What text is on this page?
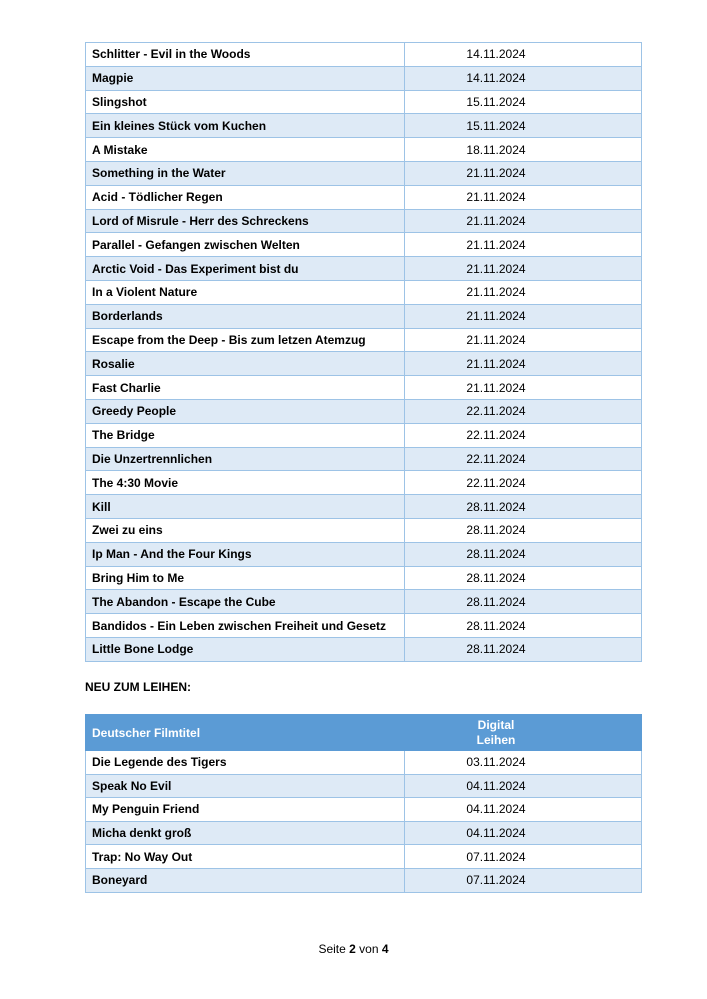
Schlitter - Evil in the Woods	14.11.2024
Magpie	14.11.2024
Slingshot	15.11.2024
Ein kleines Stück vom Kuchen	15.11.2024
A Mistake	18.11.2024
Something in the Water	21.11.2024
Acid - Tödlicher Regen	21.11.2024
Lord of Misrule - Herr des Schreckens	21.11.2024
Parallel - Gefangen zwischen Welten	21.11.2024
Arctic Void - Das Experiment bist du	21.11.2024
In a Violent Nature	21.11.2024
Borderlands	21.11.2024
Escape from the Deep - Bis zum letzen Atemzug	21.11.2024
Rosalie	21.11.2024
Fast Charlie	21.11.2024
Greedy People	22.11.2024
The Bridge	22.11.2024
Die Unzertrennlichen	22.11.2024
The 4:30 Movie	22.11.2024
Kill	28.11.2024
Zwei zu eins	28.11.2024
Ip Man - And the Four Kings	28.11.2024
Bring Him to Me	28.11.2024
The Abandon - Escape the Cube	28.11.2024
Bandidos - Ein Leben zwischen Freiheit und Gesetz	28.11.2024
Little Bone Lodge	28.11.2024
NEU ZUM LEIHEN:
Deutscher Filmtitel	Digital
Leihen
Die Legende des Tigers	03.11.2024
Speak No Evil	04.11.2024
My Penguin Friend	04.11.2024
Micha denkt groß	04.11.2024
Trap: No Way Out	07.11.2024
Boneyard	07.11.2024
Seite 2 von 4
